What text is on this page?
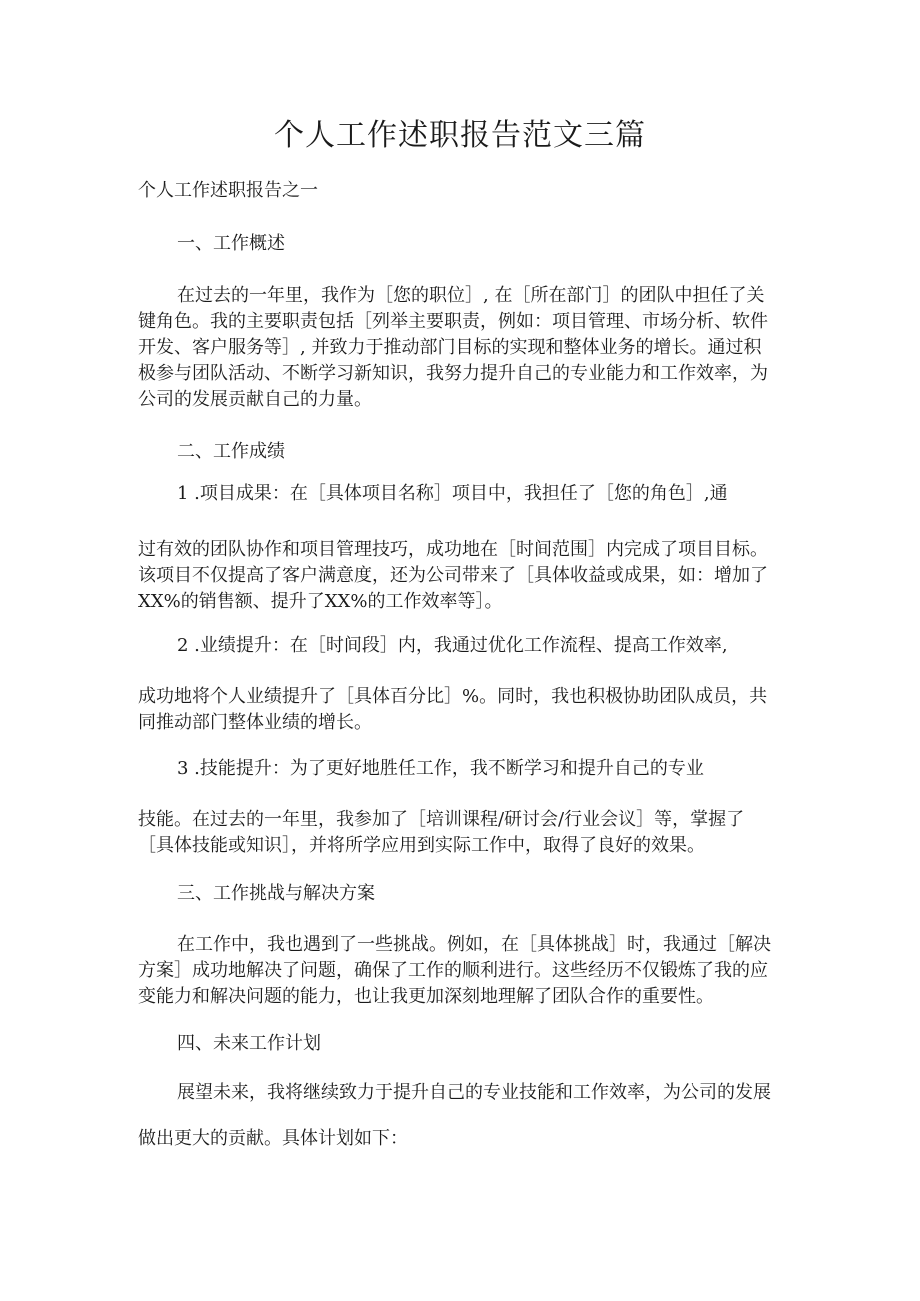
个人工作述职报告范文三篇
个人工作述职报告之一
一、工作概述
在过去的一年里，我作为［您的职位］, 在［所在部门］的团队中担任了关
键角色。我的主要职责包括［列举主要职责，例如：项目管理、市场分析、软件
开发、客户服务等］, 并致力于推动部门目标的实现和整体业务的增长。通过积
极参与团队活动、不断学习新知识，我努力提升自己的专业能力和工作效率，为
公司的发展贡献自己的力量。
二、工作成绩
1 .项目成果：在［具体项目名称］项目中，我担任了［您的角色］,通
过有效的团队协作和项目管理技巧，成功地在［时间范围］内完成了项目目标。
该项目不仅提高了客户满意度，还为公司带来了［具体收益或成果，如：增加了
XX%的销售额、提升了XX%的工作效率等］。
2 .业绩提升：在［时间段］内，我通过优化工作流程、提高工作效率,
成功地将个人业绩提升了［具体百分比］%。同时，我也积极协助团队成员，共
同推动部门整体业绩的增长。
3 .技能提升：为了更好地胜任工作，我不断学习和提升自己的专业
技能。在过去的一年里，我参加了［培训课程/研讨会/行业会议］等，掌握了
［具体技能或知识］，并将所学应用到实际工作中，取得了良好的效果。
三、工作挑战与解决方案
在工作中，我也遇到了一些挑战。例如，在［具体挑战］时，我通过［解决
方案］成功地解决了问题，确保了工作的顺利进行。这些经历不仅锻炼了我的应
变能力和解决问题的能力，也让我更加深刻地理解了团队合作的重要性。
四、未来工作计划
展望未来，我将继续致力于提升自己的专业技能和工作效率，为公司的发展
做出更大的贡献。具体计划如下：
